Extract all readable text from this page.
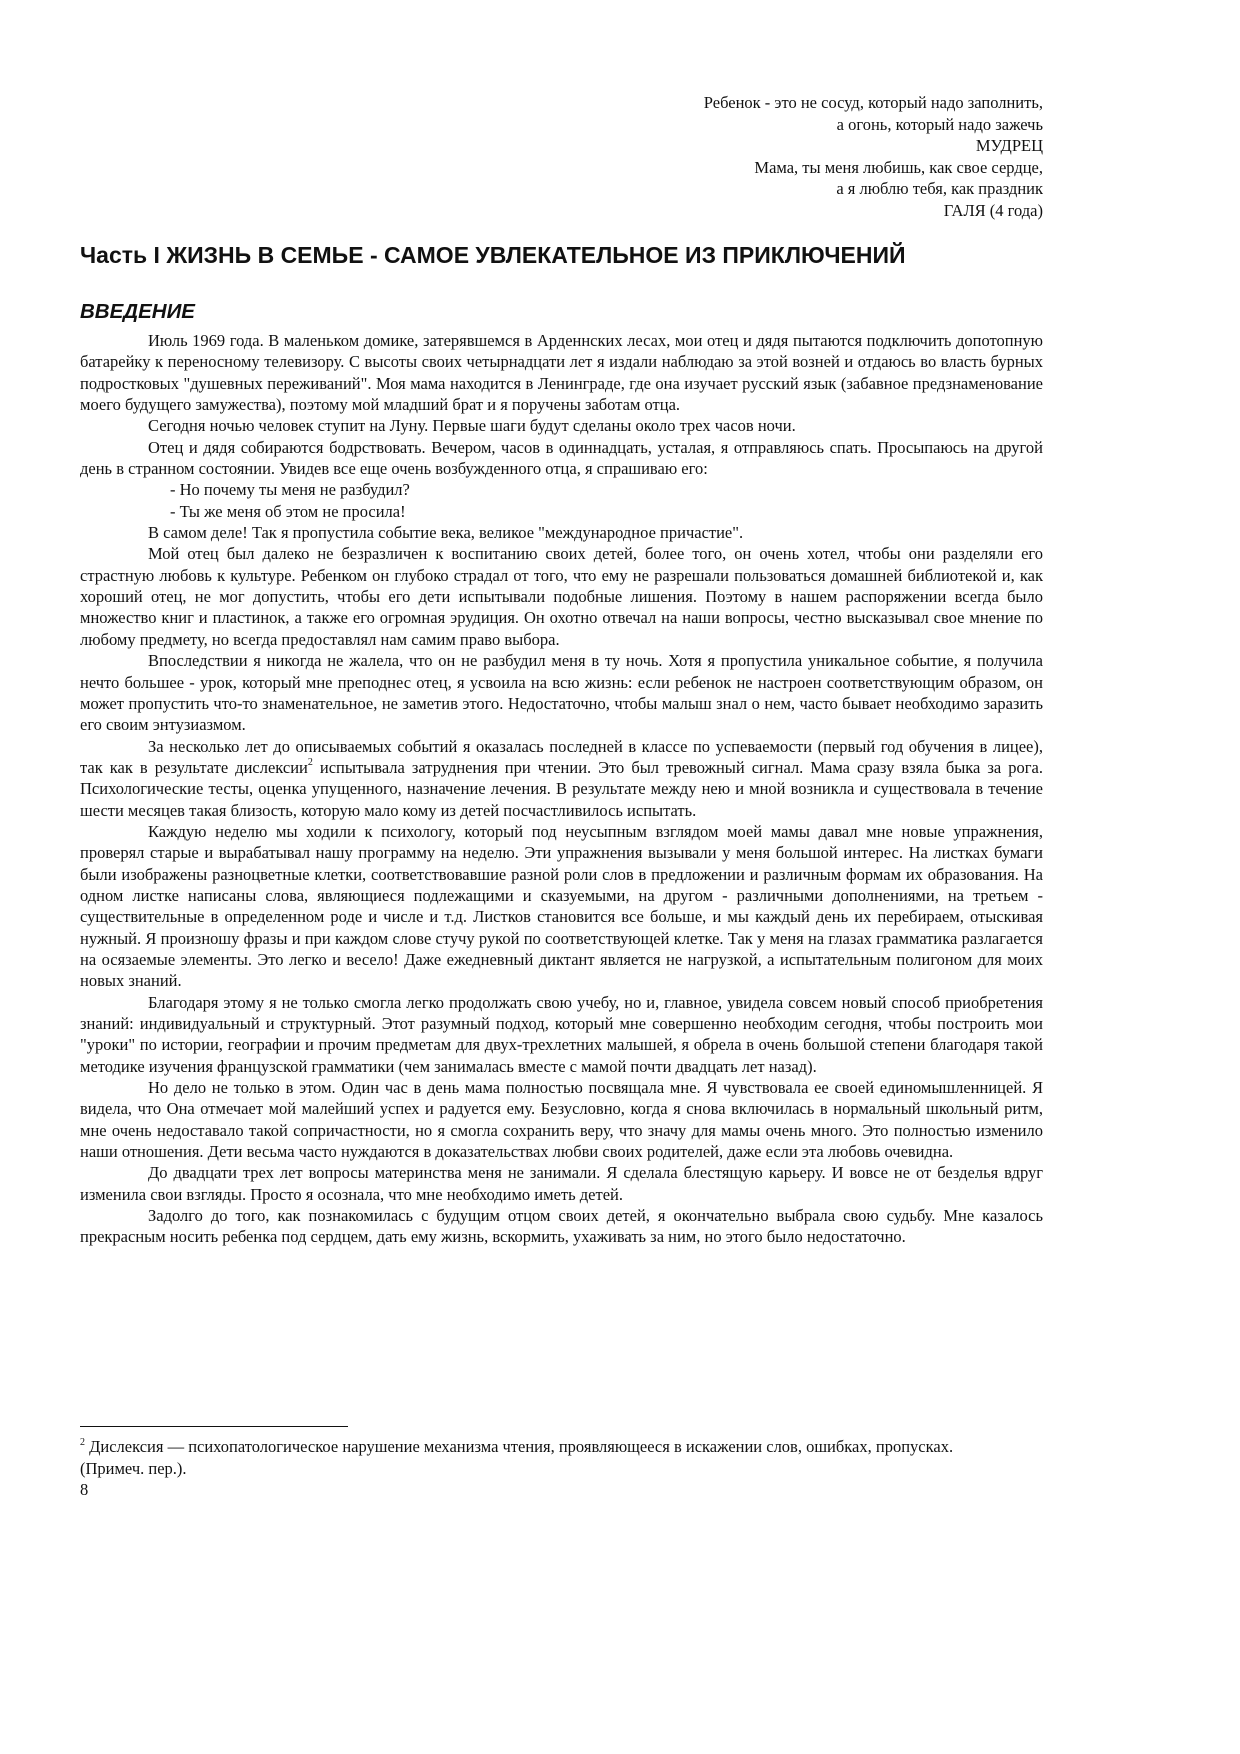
Ребенок - это не сосуд, который надо заполнить,
а огонь, который надо зажечь
МУДРЕЦ
Мама, ты меня любишь, как свое сердце,
а я люблю тебя, как праздник
ГАЛЯ (4 года)
Часть I ЖИЗНЬ В СЕМЬЕ - САМОЕ УВЛЕКАТЕЛЬНОЕ ИЗ ПРИКЛЮЧЕНИЙ
ВВЕДЕНИЕ

Июль 1969 года. В маленьком домике, затерявшемся в Арденнских лесах, мои отец и дядя пытаются подключить допотопную батарейку к переносному телевизору. С высоты своих четырнадцати лет я издали наблюдаю за этой возней и отдаюсь во власть бурных подростковых "душевных переживаний". Моя мама находится в Ленинграде, где она изучает русский язык (забавное предзнаменование моего будущего замужества), поэтому мой младший брат и я поручены заботам отца.

Сегодня ночью человек ступит на Луну. Первые шаги будут сделаны около трех часов ночи.

Отец и дядя собираются бодрствовать. Вечером, часов в одиннадцать, усталая, я отправляюсь спать. Просыпаюсь на другой день в странном состоянии. Увидев все еще очень возбужденного отца, я спрашиваю его:

- Но почему ты меня не разбудил?

- Ты же меня об этом не просила!

В самом деле! Так я пропустила событие века, великое "международное причастие".

Мой отец был далеко не безразличен к воспитанию своих детей, более того, он очень хотел, чтобы они разделяли его страстную любовь к культуре. Ребенком он глубоко страдал от того, что ему не разрешали пользоваться домашней библиотекой и, как хороший отец, не мог допустить, чтобы его дети испытывали подобные лишения. Поэтому в нашем распоряжении всегда было множество книг и пластинок, а также его огромная эрудиция. Он охотно отвечал на наши вопросы, честно высказывал свое мнение по любому предмету, но всегда предоставлял нам самим право выбора.

Впоследствии я никогда не жалела, что он не разбудил меня в ту ночь. Хотя я пропустила уникальное событие, я получила нечто большее - урок, который мне преподнес отец, я усвоила на всю жизнь: если ребенок не настроен соответствующим образом, он может пропустить что-то знаменательное, не заметив этого. Недостаточно, чтобы малыш знал о нем, часто бывает необходимо заразить его своим энтузиазмом.

За несколько лет до описываемых событий я оказалась последней в классе по успеваемости (первый год обучения в лицее), так как в результате дислексии$^2$ испытывала затруднения при чтении. Это был тревожный сигнал. Мама сразу взяла быка за рога. Психологические тесты, оценка упущенного, назначение лечения. В результате между нею и мной возникла и существовала в течение шести месяцев такая близость, которую мало кому из детей посчастливилось испытать.

Каждую неделю мы ходили к психологу, который под неусыпным взглядом моей мамы давал мне новые упражнения, проверял старые и вырабатывал нашу программу на неделю. Эти упражнения вызывали у меня большой интерес. На листках бумаги были изображены разноцветные клетки, соответствовавшие разной роли слов в предложении и различным формам их образования. На одном листке написаны слова, являющиеся подлежащими и сказуемыми, на другом - различными дополнениями, на третьем - существительные в определенном роде и числе и т.д. Листков становится все больше, и мы каждый день их перебираем, отыскивая нужный. Я произношу фразы и при каждом слове стучу рукой по соответствующей клетке. Так у меня на глазах грамматика разлагается на осязаемые элементы. Это легко и весело! Даже ежедневный диктант является не нагрузкой, а испытательным полигоном для моих новых знаний.

Благодаря этому я не только смогла легко продолжать свою учебу, но и, главное, увидела совсем новый способ приобретения знаний: индивидуальный и структурный. Этот разумный подход, который мне совершенно необходим сегодня, чтобы построить мои "уроки" по истории, географии и прочим предметам для двух-трехлетних малышей, я обрела в очень большой степени благодаря такой методике изучения французской грамматики (чем занималась вместе с мамой почти двадцать лет назад).

Но дело не только в этом. Один час в день мама полностью посвящала мне. Я чувствовала ее своей единомышленницей. Я видела, что Она отмечает мой малейший успех и радуется ему. Безусловно, когда я снова включилась в нормальный школьный ритм, мне очень недоставало такой сопричастности, но я смогла сохранить веру, что значу для мамы очень много. Это полностью изменило наши отношения. Дети весьма часто нуждаются в доказательствах любви своих родителей, даже если эта любовь очевидна.

До двадцати трех лет вопросы материнства меня не занимали. Я сделала блестящую карьеру. И вовсе не от безделья вдруг изменила свои взгляды. Просто я осознала, что мне необходимо иметь детей.

Задолго до того, как познакомилась с будущим отцом своих детей, я окончательно выбрала свою судьбу. Мне казалось прекрасным носить ребенка под сердцем, дать ему жизнь, вскормить, ухаживать за ним, но этого было недостаточно.

$^2$ Дислексия — психопатологическое нарушение механизма чтения, проявляющееся в искажении слов, ошибках, пропусках. (Примеч. пер.).

8
